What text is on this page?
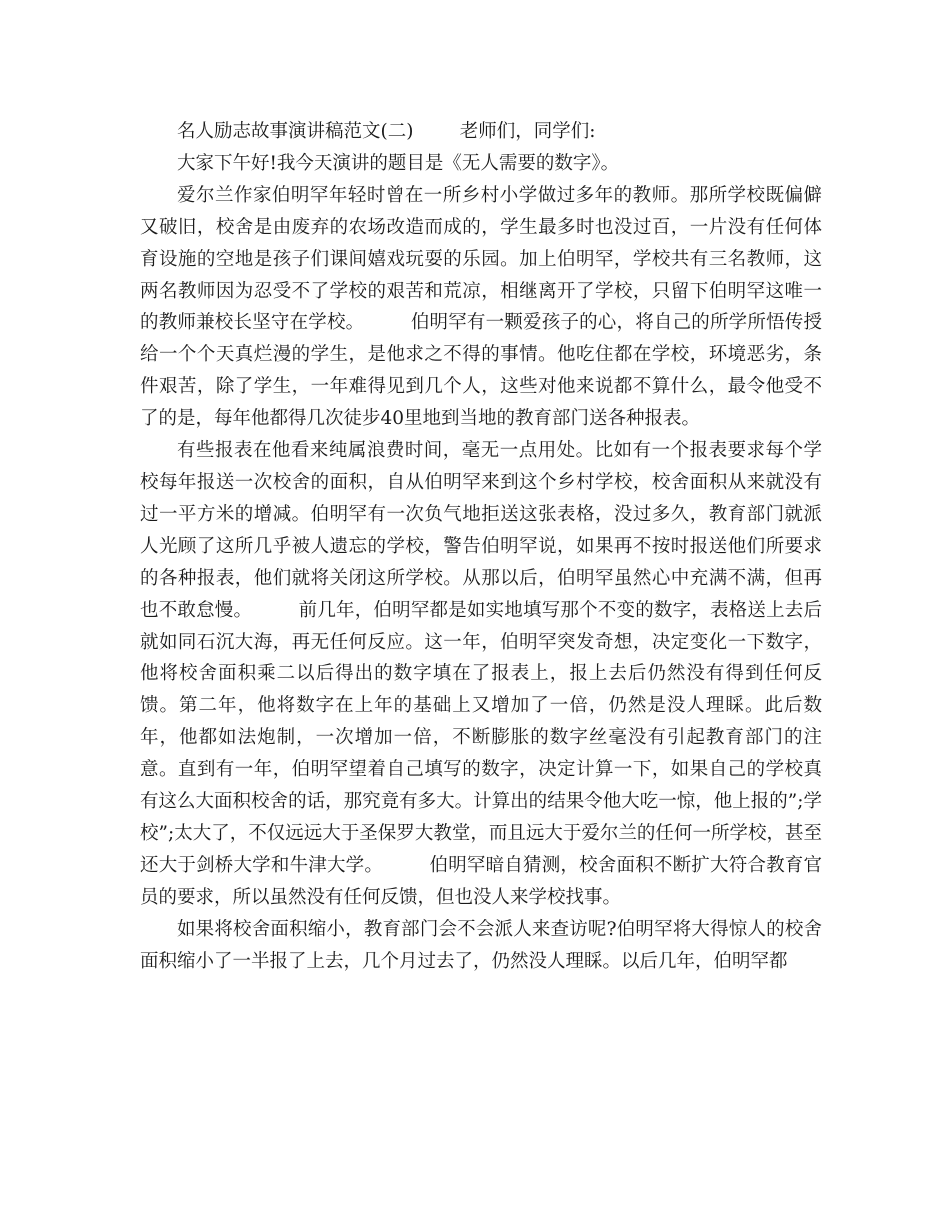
名人励志故事演讲稿范文(二)	老师们，同学们:

大家下午好!我今天演讲的题目是《无人需要的数字》。

爱尔兰作家伯明罕年轻时曾在一所乡村小学做过多年的教师。那所学校既偏僻又破旧，校舍是由废弃的农场改造而成的，学生最多时也没过百，一片没有任何体育设施的空地是孩子们课间嬉戏玩耍的乐园。加上伯明罕，学校共有三名教师，这两名教师因为忍受不了学校的艰苦和荒凉，相继离开了学校，只留下伯明罕这唯一的教师兼校长坚守在学校。	伯明罕有一颗爱孩子的心，将自己的所学所悟传授给一个个天真烂漫的学生，是他求之不得的事情。他吃住都在学校，环境恶劣，条件艰苦，除了学生，一年难得见到几个人，这些对他来说都不算什么，最令他受不了的是，每年他都得几次徒步40里地到当地的教育部门送各种报表。

有些报表在他看来纯属浪费时间，毫无一点用处。比如有一个报表要求每个学校每年报送一次校舍的面积，自从伯明罕来到这个乡村学校，校舍面积从来就没有过一平方米的增减。伯明罕有一次负气地拒送这张表格，没过多久，教育部门就派人光顾了这所几乎被人遗忘的学校，警告伯明罕说，如果再不按时报送他们所要求的各种报表，他们就将关闭这所学校。从那以后，伯明罕虽然心中充满不满，但再也不敢怠慢。	前几年，伯明罕都是如实地填写那个不变的数字，表格送上去后就如同石沉大海，再无任何反应。这一年，伯明罕突发奇想，决定变化一下数字，他将校舍面积乘二以后得出的数字填在了报表上，报上去后仍然没有得到任何反馈。第二年，他将数字在上年的基础上又增加了一倍，仍然是没人理睬。此后数年，他都如法炮制，一次增加一倍，不断膨胀的数字丝毫没有引起教育部门的注意。直到有一年，伯明罕望着自己填写的数字，决定计算一下，如果自己的学校真有这么大面积校舍的话，那究竟有多大。计算出的结果令他大吃一惊，他上报的”;学校”;太大了，不仅远远大于圣保罗大教堂，而且远大于爱尔兰的任何一所学校，甚至还大于剑桥大学和牛津大学。	伯明罕暗自猜测，校舍面积不断扩大符合教育官员的要求，所以虽然没有任何反馈，但也没人来学校找事。

如果将校舍面积缩小，教育部门会不会派人来查访呢?伯明罕将大得惊人的校舍面积缩小了一半报了上去，几个月过去了，仍然没人理睬。以后几年，伯明罕都
